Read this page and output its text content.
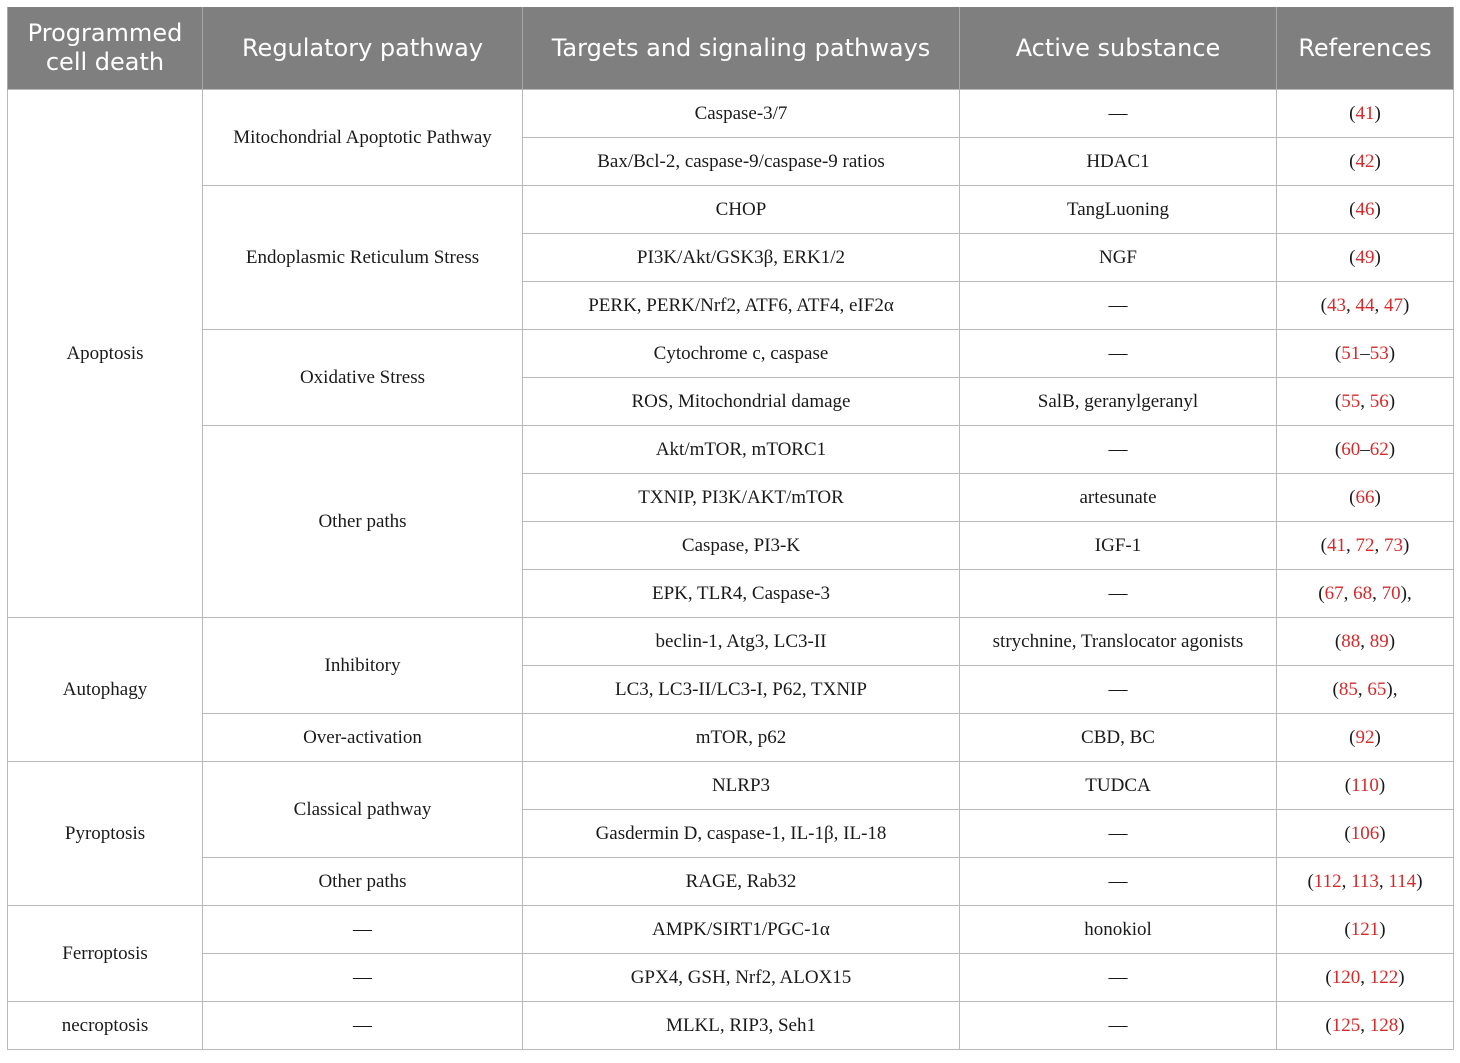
Programmed cell death	Regulatory pathway	Targets and signaling pathways	Active substance	References
Apoptosis	Mitochondrial Apoptotic Pathway	Caspase-3/7	—	(41)
		Bax/Bcl-2, caspase-9/caspase-9 ratios	HDAC1	(42)
	Endoplasmic Reticulum Stress	CHOP	TangLuoning	(46)
		PI3K/Akt/GSK3β, ERK1/2	NGF	(49)
		PERK, PERK/Nrf2, ATF6, ATF4, eIF2α	—	(43, 44, 47)
	Oxidative Stress	Cytochrome c, caspase	—	(51–53)
		ROS, Mitochondrial damage	SalB, geranylgeranyl	(55, 56)
	Other paths	Akt/mTOR, mTORC1	—	(60–62)
		TXNIP, PI3K/AKT/mTOR	artesunate	(66)
		Caspase, PI3-K	IGF-1	(41, 72, 73)
		EPK, TLR4, Caspase-3	—	(67, 68, 70),
Autophagy	Inhibitory	beclin-1, Atg3, LC3-II	strychnine, Translocator agonists	(88, 89)
		LC3, LC3-II/LC3-I, P62, TXNIP	—	(85, 65),
	Over-activation	mTOR, p62	CBD, BC	(92)
Pyroptosis	Classical pathway	NLRP3	TUDCA	(110)
		Gasdermin D, caspase-1, IL-1β, IL-18	—	(106)
	Other paths	RAGE, Rab32	—	(112, 113, 114)
Ferroptosis	—	AMPK/SIRT1/PGC-1α	honokiol	(121)
	—	GPX4, GSH, Nrf2, ALOX15	—	(120, 122)
necroptosis	—	MLKL, RIP3, Seh1	—	(125, 128)
